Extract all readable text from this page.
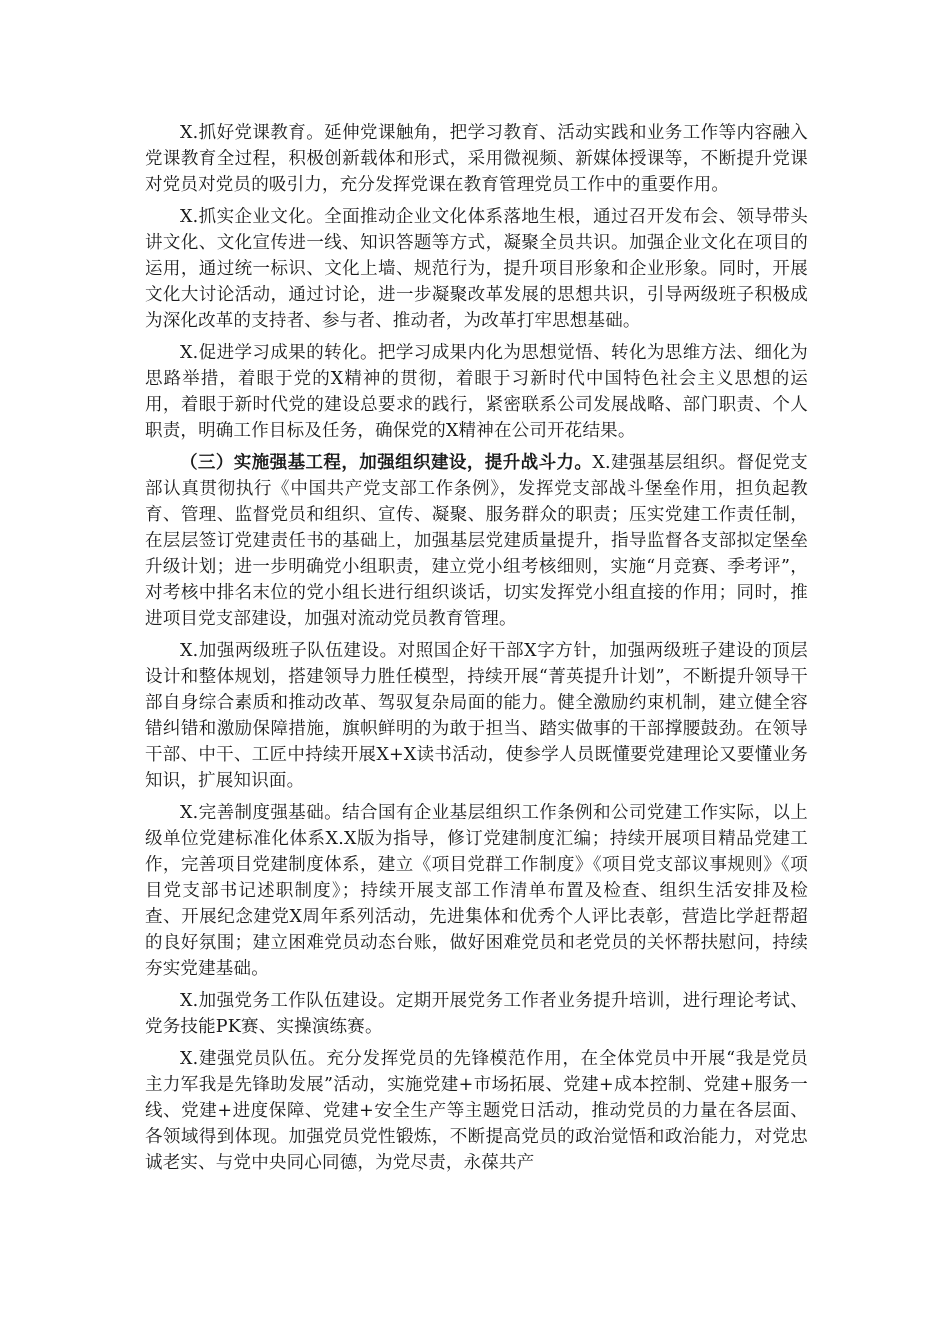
X.抓好党课教育。延伸党课触角，把学习教育、活动实践和业务工作等内容融入党课教育全过程，积极创新载体和形式，采用微视频、新媒体授课等，不断提升党课对党员对党员的吸引力，充分发挥党课在教育管理党员工作中的重要作用。

X.抓实企业文化。全面推动企业文化体系落地生根，通过召开发布会、领导带头讲文化、文化宣传进一线、知识答题等方式，凝聚全员共识。加强企业文化在项目的运用，通过统一标识、文化上墙、规范行为，提升项目形象和企业形象。同时，开展文化大讨论活动，通过讨论，进一步凝聚改革发展的思想共识，引导两级班子积极成为深化改革的支持者、参与者、推动者，为改革打牢思想基础。

X.促进学习成果的转化。把学习成果内化为思想觉悟、转化为思维方法、细化为思路举措，着眼于党的X精神的贯彻，着眼于习新时代中国特色社会主义思想的运用，着眼于新时代党的建设总要求的践行，紧密联系公司发展战略、部门职责、个人职责，明确工作目标及任务，确保党的X精神在公司开花结果。

（三）实施强基工程，加强组织建设，提升战斗力。X.建强基层组织。督促党支部认真贯彻执行《中国共产党支部工作条例》，发挥党支部战斗堡垒作用，担负起教育、管理、监督党员和组织、宣传、凝聚、服务群众的职责；压实党建工作责任制，在层层签订党建责任书的基础上，加强基层党建质量提升，指导监督各支部拟定堡垒升级计划；进一步明确党小组职责，建立党小组考核细则，实施“月竞赛、季考评”，对考核中排名末位的党小组长进行组织谈话，切实发挥党小组直接的作用；同时，推进项目党支部建设，加强对流动党员教育管理。

X.加强两级班子队伍建设。对照国企好干部X字方针，加强两级班子建设的顶层设计和整体规划，搭建领导力胜任模型，持续开展“菁英提升计划”，不断提升领导干部自身综合素质和推动改革、驾驭复杂局面的能力。健全激励约束机制，建立健全容错纠错和激励保障措施，旗帜鲜明的为敢于担当、踏实做事的干部撑腰鼓劲。在领导干部、中干、工匠中持续开展X+X读书活动，使参学人员既懂要党建理论又要懂业务知识，扩展知识面。

X.完善制度强基础。结合国有企业基层组织工作条例和公司党建工作实际，以上级单位党建标准化体系X.X版为指导，修订党建制度汇编；持续开展项目精品党建工作，完善项目党建制度体系，建立《项目党群工作制度》《项目党支部议事规则》《项目党支部书记述职制度》；持续开展支部工作清单布置及检查、组织生活安排及检查、开展纪念建党X周年系列活动，先进集体和优秀个人评比表彰，营造比学赶帮超的良好氛围；建立困难党员动态台账，做好困难党员和老党员的关怀帮扶慰问，持续夯实党建基础。

X.加强党务工作队伍建设。定期开展党务工作者业务提升培训，进行理论考试、党务技能PK赛、实操演练赛。

X.建强党员队伍。充分发挥党员的先锋模范作用，在全体党员中开展“我是党员主力军我是先锋助发展”活动，实施党建+市场拓展、党建+成本控制、党建+服务一线、党建+进度保障、党建+安全生产等主题党日活动，推动党员的力量在各层面、各领域得到体现。加强党员党性锻炼，不断提高党员的政治觉悟和政治能力，对党忠诚老实、与党中央同心同德，为党尽责，永葆共产
